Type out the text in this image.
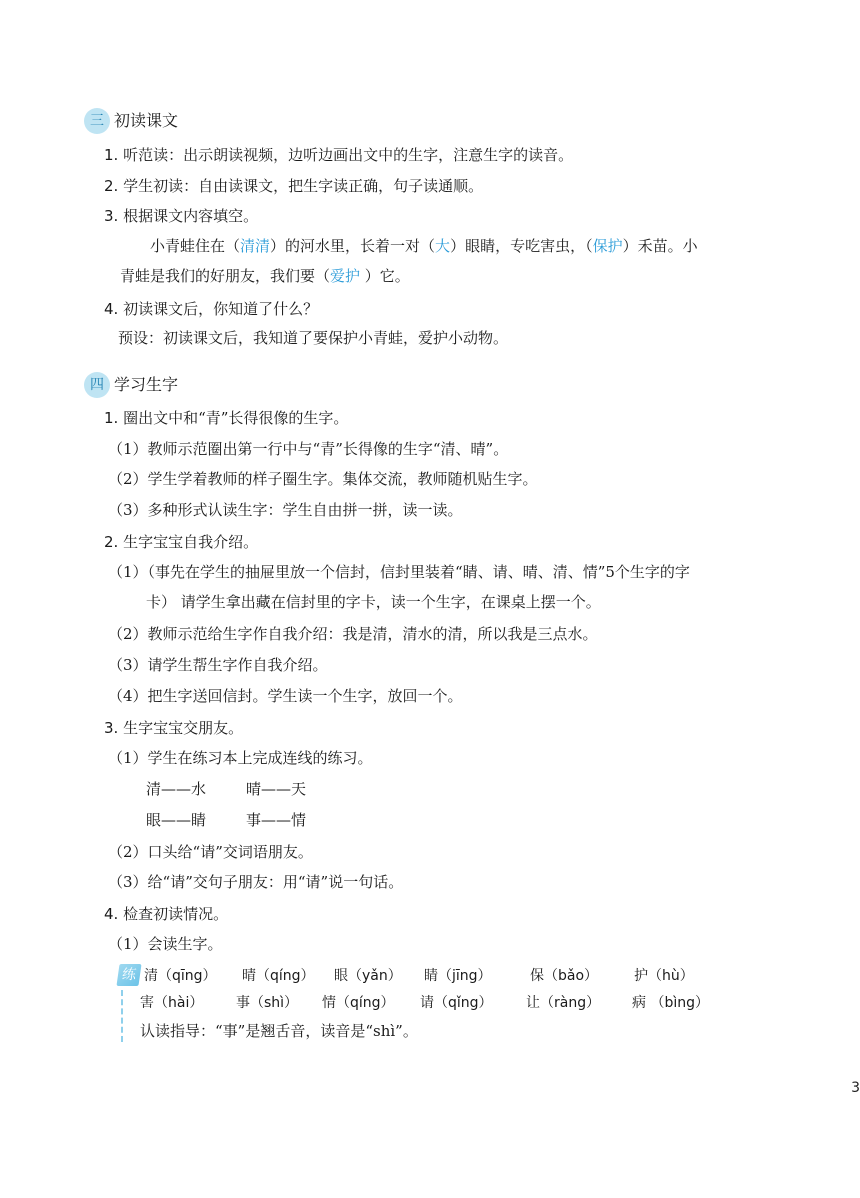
三 初读课文
1. 听范读：出示朗读视频，边听边画出文中的生字，注意生字的读音。
2. 学生初读：自由读课文，把生字读正确，句子读通顺。
3. 根据课文内容填空。
小青蛙住在（清清）的河水里，长着一对（大）眼睛，专吃害虫，（保护）禾苗。小
青蛙是我们的好朋友，我们要（爱护 ）它。
4. 初读课文后，你知道了什么？
预设：初读课文后，我知道了要保护小青蛙，爱护小动物。
四 学习生字
1. 圈出文中和“青”长得很像的生字。
（1）教师示范圈出第一行中与“青”长得像的生字“清、晴”。
（2）学生学着教师的样子圈生字。集体交流，教师随机贴生字。
（3）多种形式认读生字：学生自由拼一拼，读一读。
2. 生字宝宝自我介绍。
（1）（事先在学生的抽屉里放一个信封，信封里装着“睛、请、晴、清、情”5个生字的字
卡） 请学生拿出藏在信封里的字卡，读一个生字，在课桌上摆一个。
（2）教师示范给生字作自我介绍：我是清，清水的清，所以我是三点水。
（3）请学生帮生字作自我介绍。
（4）把生字送回信封。学生读一个生字，放回一个。
3. 生字宝宝交朋友。
（1）学生在练习本上完成连线的练习。
清——水	晴——天
眼——睛	事——情
（2）口头给“请”交词语朋友。
（3）给“请”交句子朋友：用“请”说一句话。
4. 检查初读情况。
（1）会读生字。
练 清（qīng） 晴（qíng） 眼（yǎn） 睛（jīng）	保（bǎo）	护（hù）
害（hài） 事（shì） 情（qíng） 请（qǐng） 让（ràng） 病 （bìng）
认读指导：“事”是翘舌音，读音是“shì”。
3
